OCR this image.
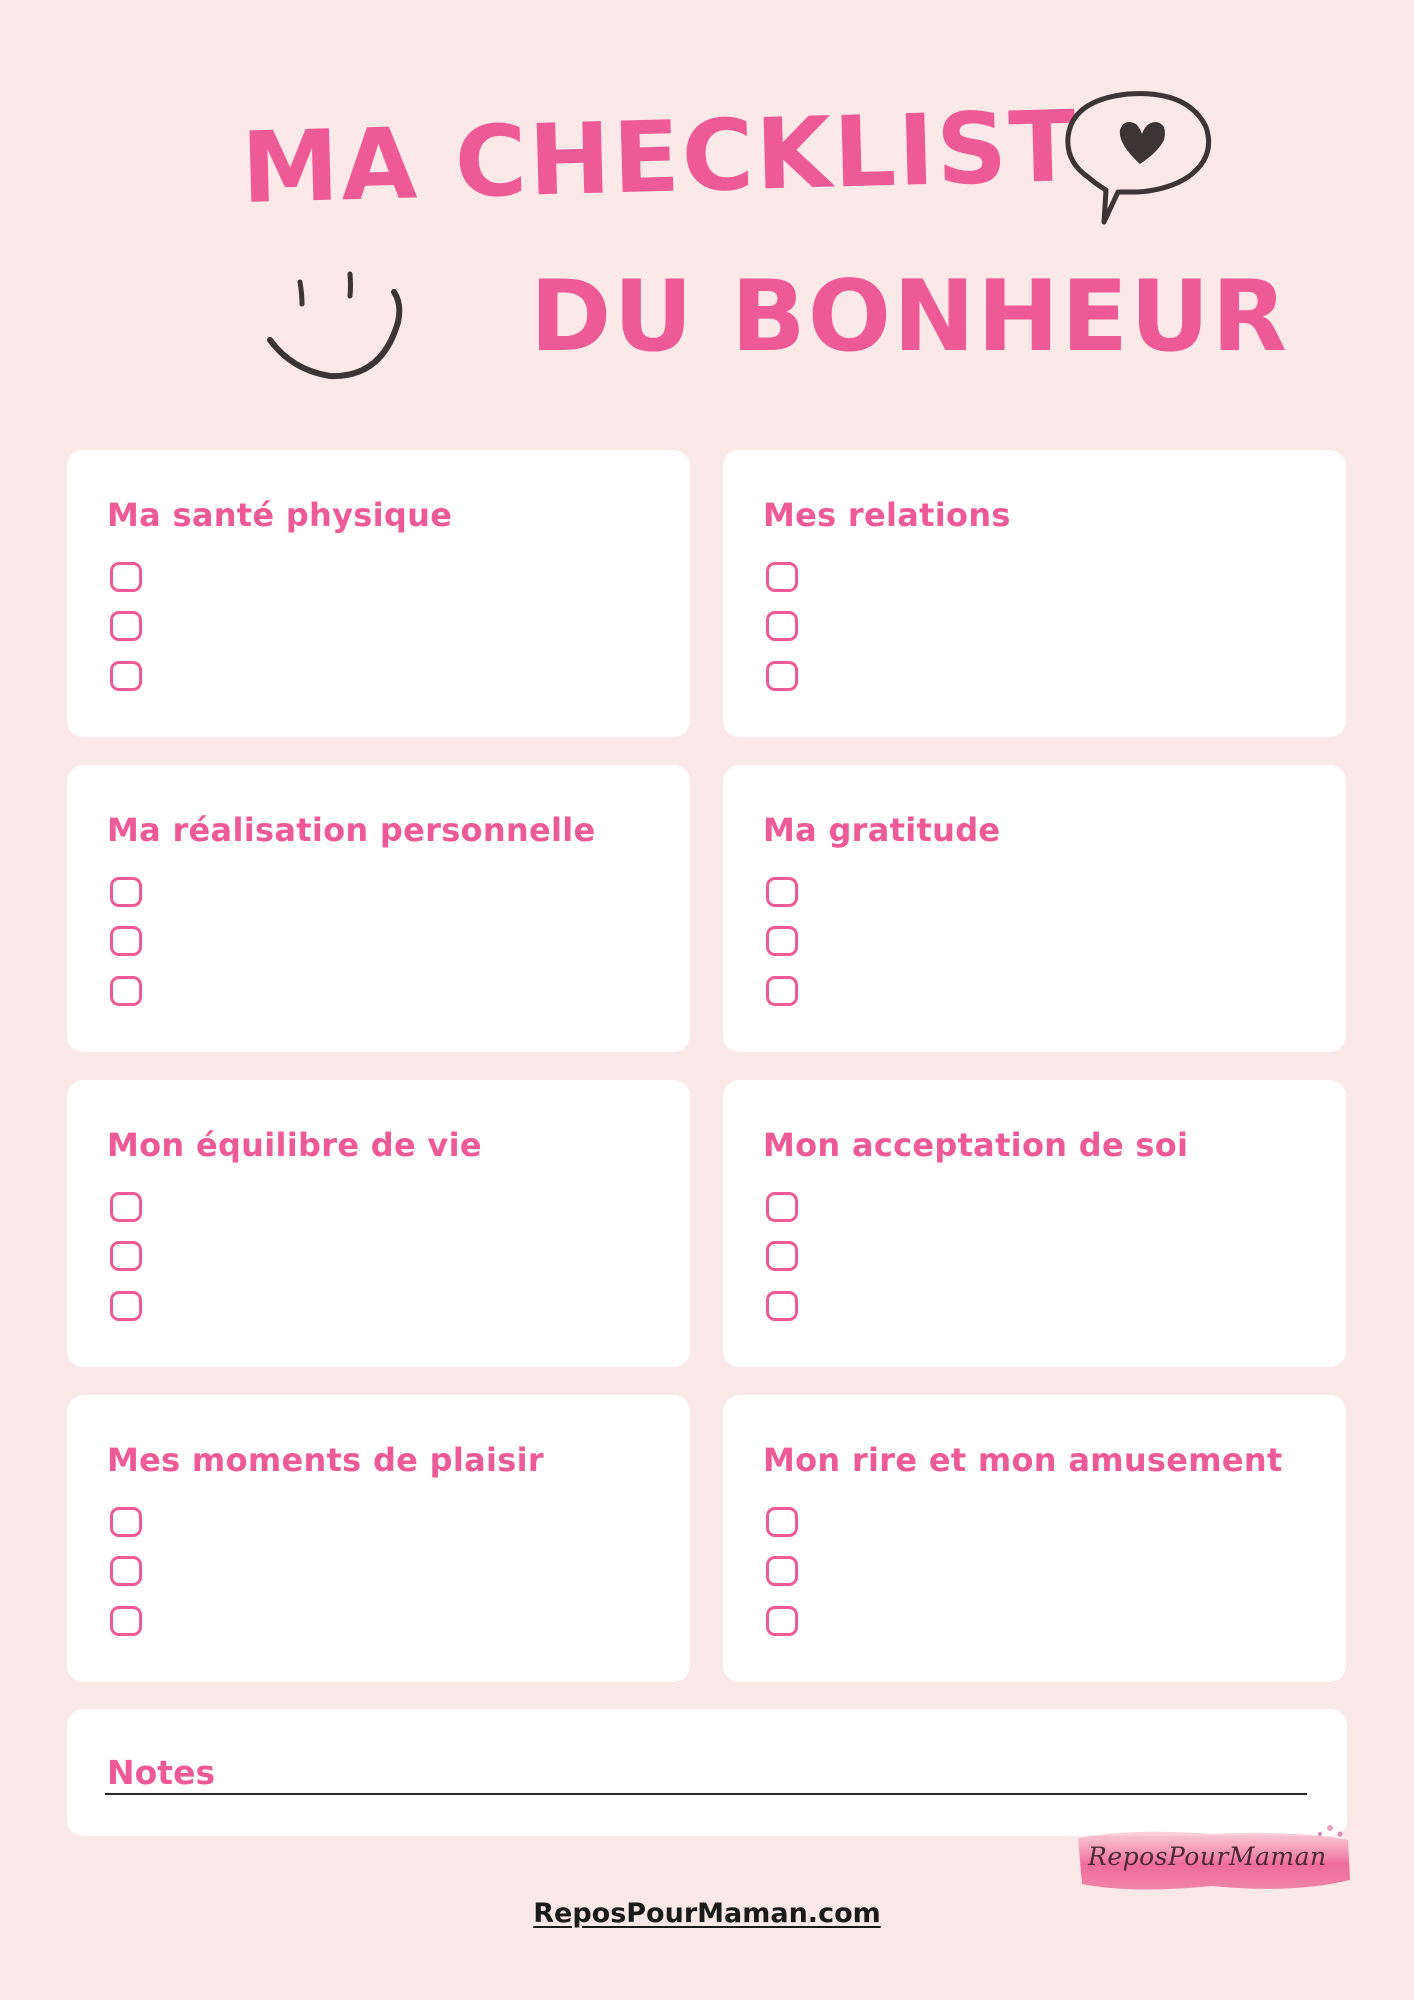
MA CHECKLIST
DU BONHEUR
Ma santé physique	Mes relations
Ma réalisation personnelle	Ma gratitude
Mon équilibre de vie	Mon acceptation de soi
Mes moments de plaisir	Mon rire et mon amusement
Notes
ReposPourMaman
ReposPourMaman.com
